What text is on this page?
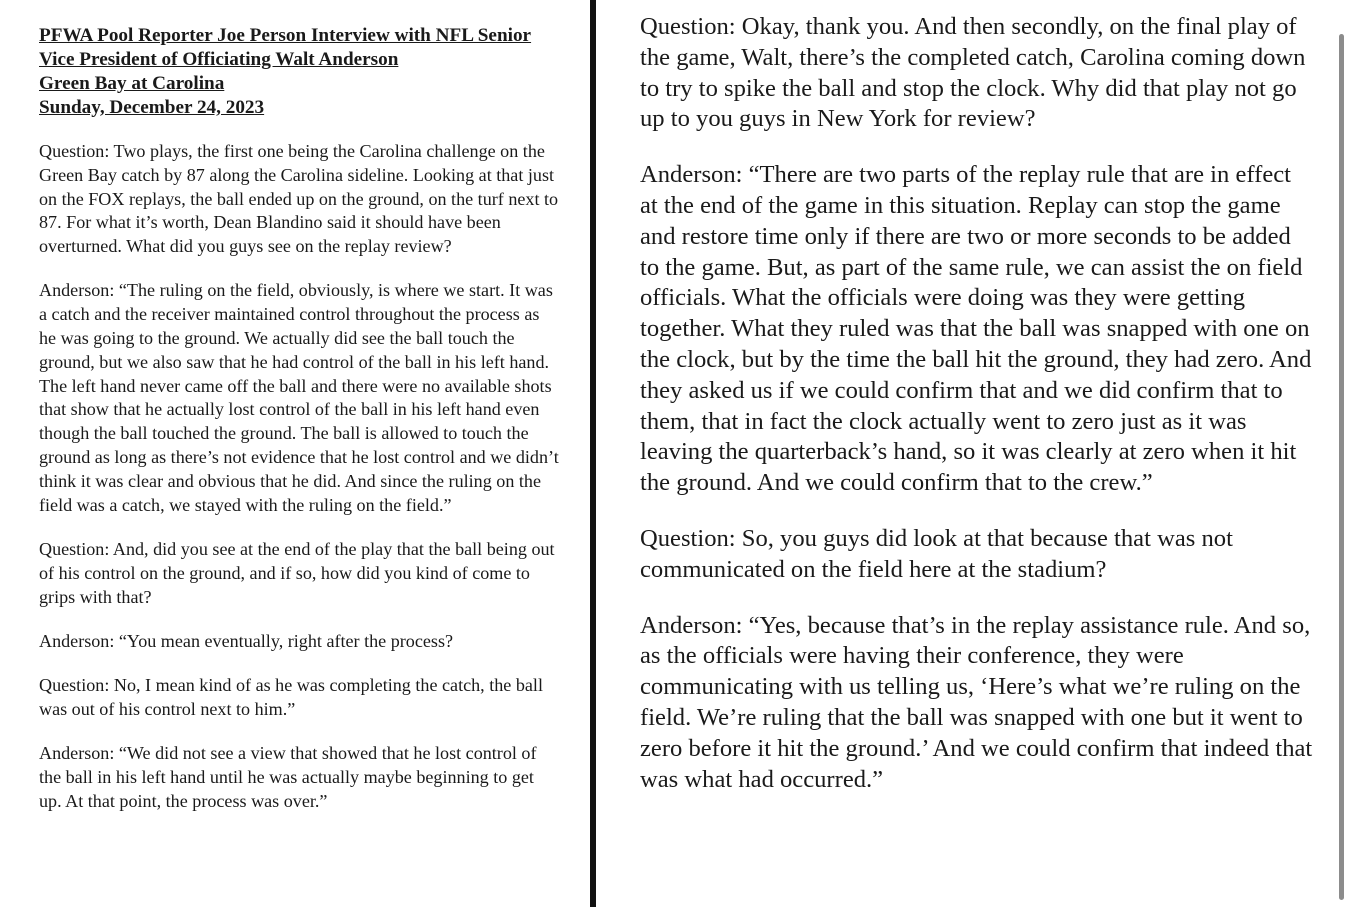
PFWA Pool Reporter Joe Person Interview with NFL Senior
Vice President of Officiating Walt Anderson
Green Bay at Carolina
Sunday, December 24, 2023

Question: Two plays, the first one being the Carolina challenge on the Green Bay catch by 87 along the Carolina sideline. Looking at that just on the FOX replays, the ball ended up on the ground, on the turf next to 87. For what it’s worth, Dean Blandino said it should have been overturned. What did you guys see on the replay review?

Anderson: “The ruling on the field, obviously, is where we start. It was a catch and the receiver maintained control throughout the process as he was going to the ground. We actually did see the ball touch the ground, but we also saw that he had control of the ball in his left hand. The left hand never came off the ball and there were no available shots that show that he actually lost control of the ball in his left hand even though the ball touched the ground. The ball is allowed to touch the ground as long as there’s not evidence that he lost control and we didn’t think it was clear and obvious that he did. And since the ruling on the field was a catch, we stayed with the ruling on the field.”

Question: And, did you see at the end of the play that the ball being out of his control on the ground, and if so, how did you kind of come to grips with that?

Anderson: “You mean eventually, right after the process?

Question: No, I mean kind of as he was completing the catch, the ball was out of his control next to him.”

Anderson: “We did not see a view that showed that he lost control of the ball in his left hand until he was actually maybe beginning to get up. At that point, the process was over.”

Question: Okay, thank you. And then secondly, on the final play of the game, Walt, there’s the completed catch, Carolina coming down to try to spike the ball and stop the clock. Why did that play not go up to you guys in New York for review?

Anderson: “There are two parts of the replay rule that are in effect at the end of the game in this situation. Replay can stop the game and restore time only if there are two or more seconds to be added to the game. But, as part of the same rule, we can assist the on field officials. What the officials were doing was they were getting together. What they ruled was that the ball was snapped with one on the clock, but by the time the ball hit the ground, they had zero. And they asked us if we could confirm that and we did confirm that to them, that in fact the clock actually went to zero just as it was leaving the quarterback’s hand, so it was clearly at zero when it hit the ground. And we could confirm that to the crew.”

Question: So, you guys did look at that because that was not communicated on the field here at the stadium?

Anderson: “Yes, because that’s in the replay assistance rule. And so, as the officials were having their conference, they were communicating with us telling us, ‘Here’s what we’re ruling on the field. We’re ruling that the ball was snapped with one but it went to zero before it hit the ground.’ And we could confirm that indeed that was what had occurred.”
